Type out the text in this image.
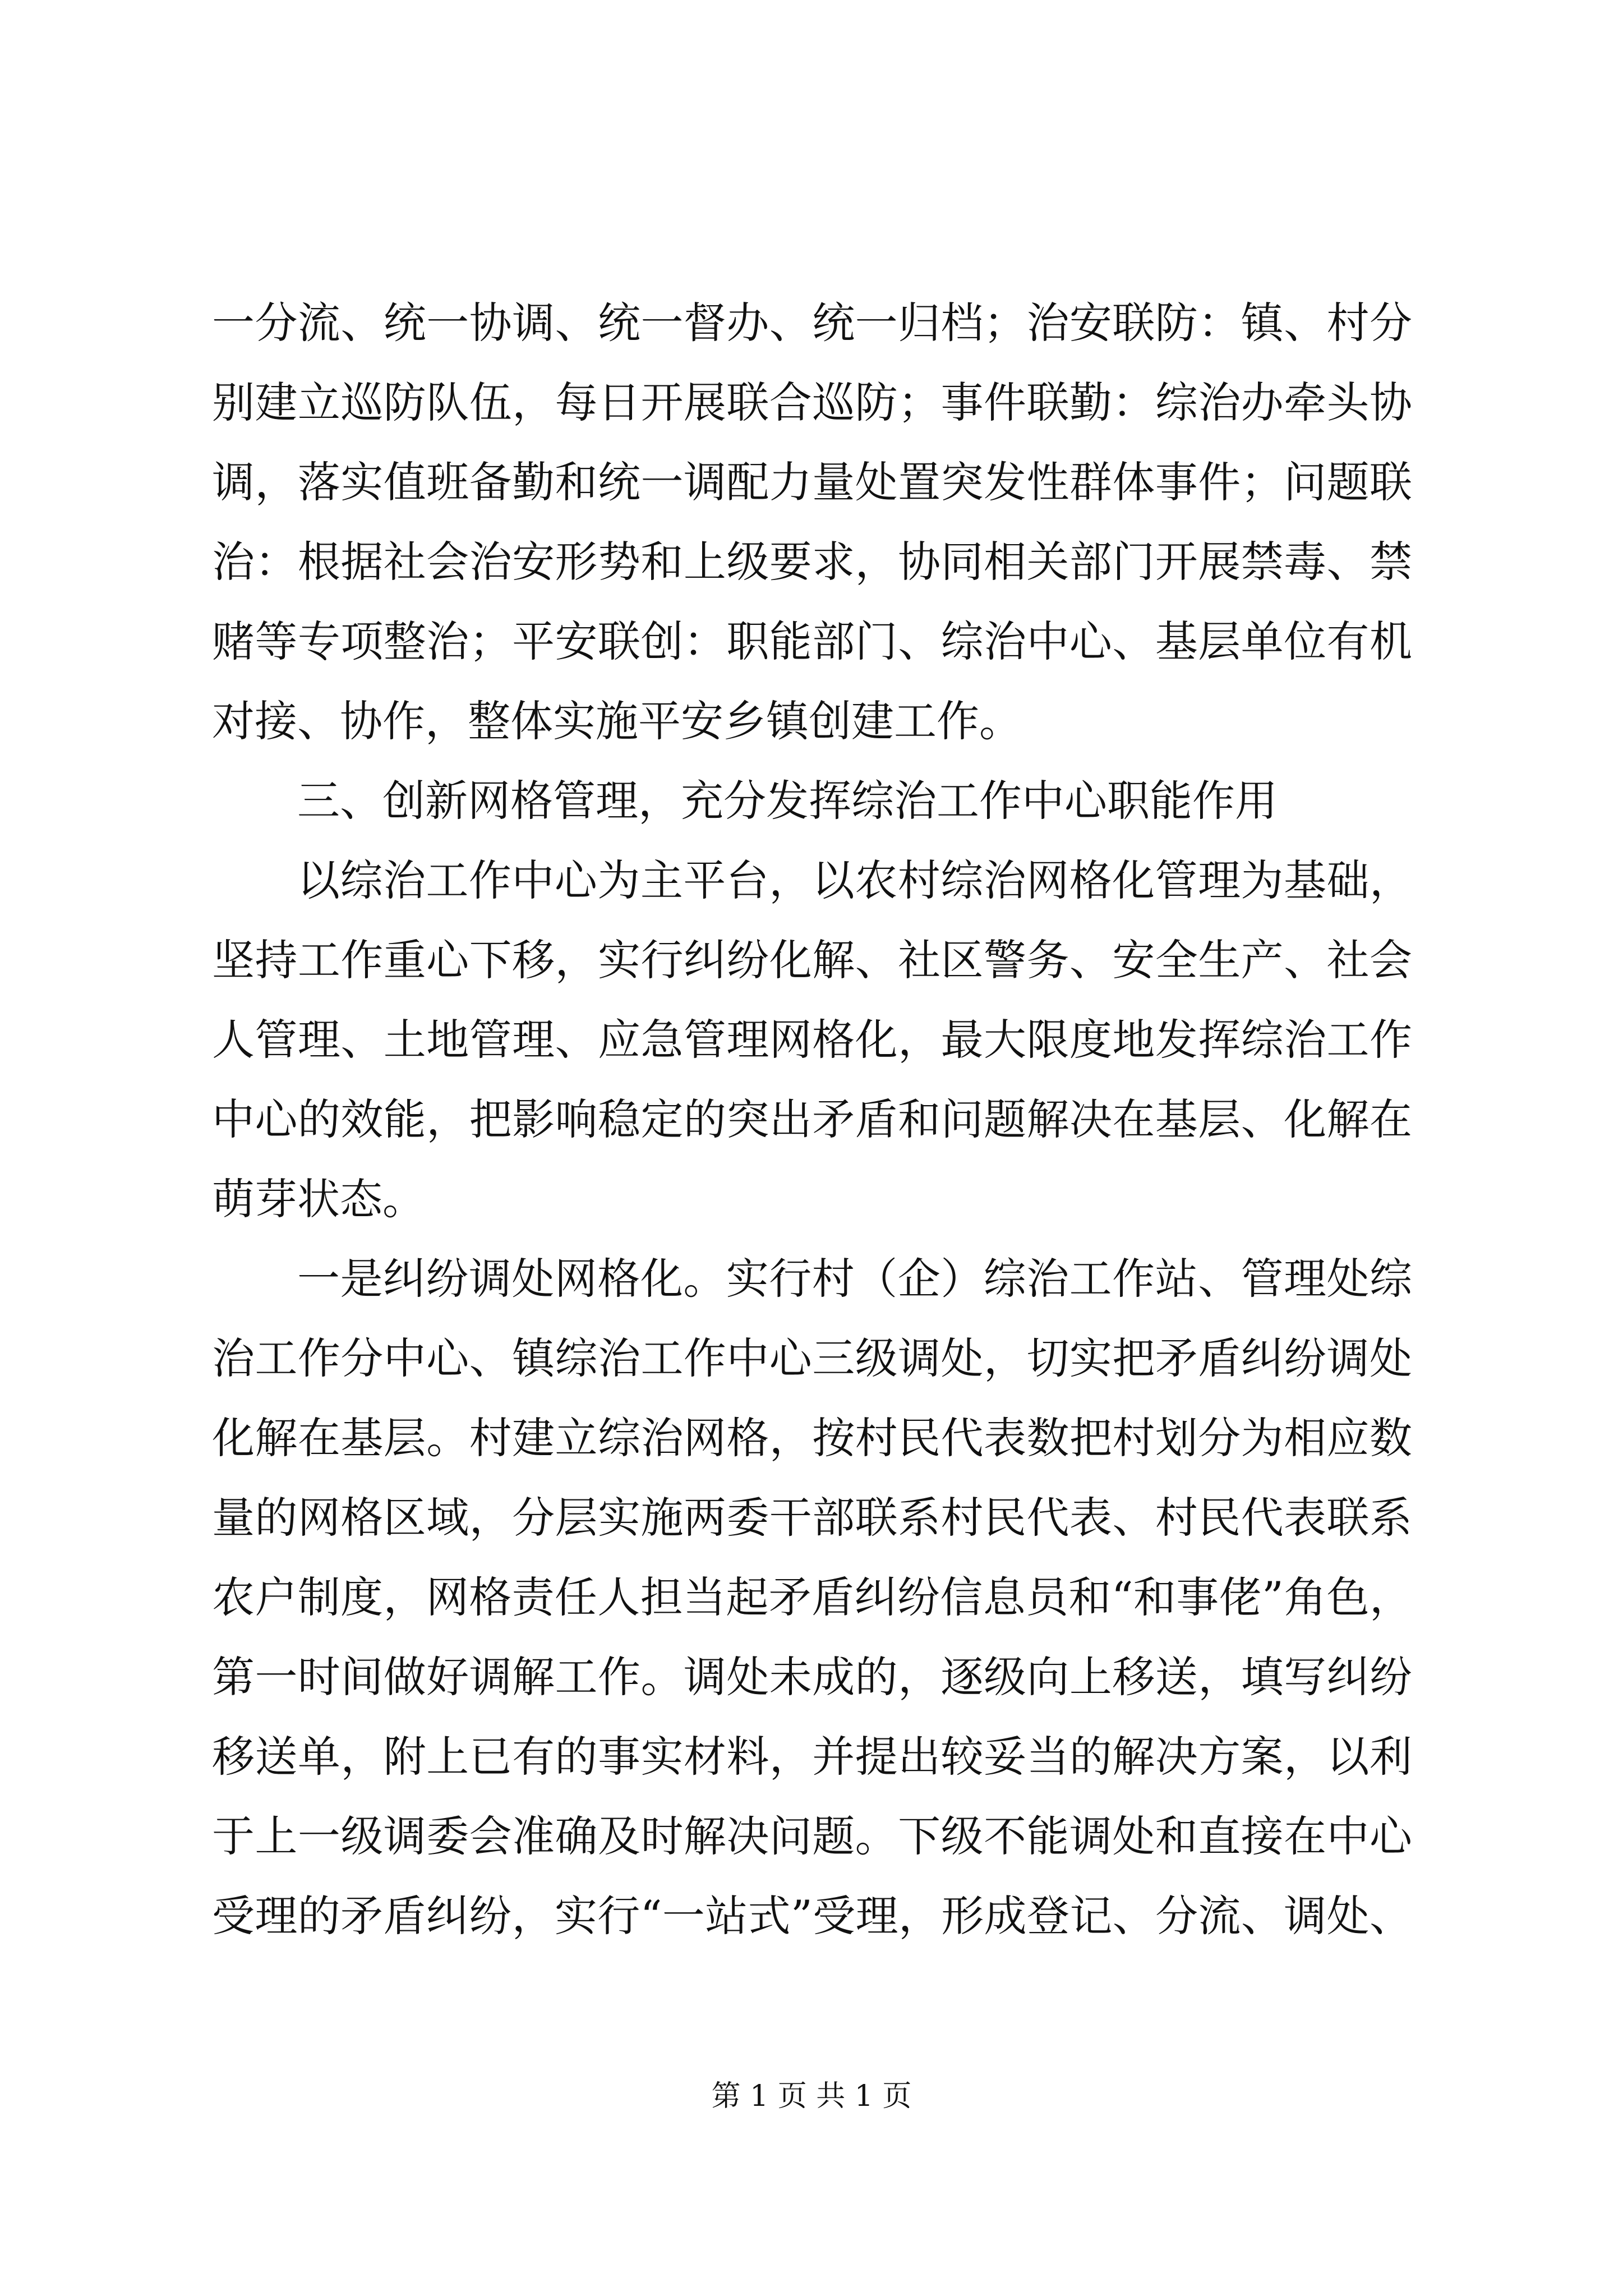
一分流、统一协调、统一督办、统一归档；治安联防：镇、村分
别建立巡防队伍，每日开展联合巡防；事件联勤：综治办牵头协
调，落实值班备勤和统一调配力量处置突发性群体事件；问题联
治：根据社会治安形势和上级要求，协同相关部门开展禁毒、禁
赌等专项整治；平安联创：职能部门、综治中心、基层单位有机
对接、协作，整体实施平安乡镇创建工作。
三、创新网格管理，充分发挥综治工作中心职能作用
以综治工作中心为主平台，以农村综治网格化管理为基础，
坚持工作重心下移，实行纠纷化解、社区警务、安全生产、社会
人管理、土地管理、应急管理网格化，最大限度地发挥综治工作
中心的效能，把影响稳定的突出矛盾和问题解决在基层、化解在
萌芽状态。
一是纠纷调处网格化。实行村（企）综治工作站、管理处综
治工作分中心、镇综治工作中心三级调处，切实把矛盾纠纷调处
化解在基层。村建立综治网格，按村民代表数把村划分为相应数
量的网格区域，分层实施两委干部联系村民代表、村民代表联系
农户制度，网格责任人担当起矛盾纠纷信息员和“和事佬”角色，
第一时间做好调解工作。调处未成的，逐级向上移送，填写纠纷
移送单，附上已有的事实材料，并提出较妥当的解决方案，以利
于上一级调委会准确及时解决问题。下级不能调处和直接在中心
受理的矛盾纠纷，实行“一站式”受理，形成登记、分流、调处、
第 1 页 共 1 页
